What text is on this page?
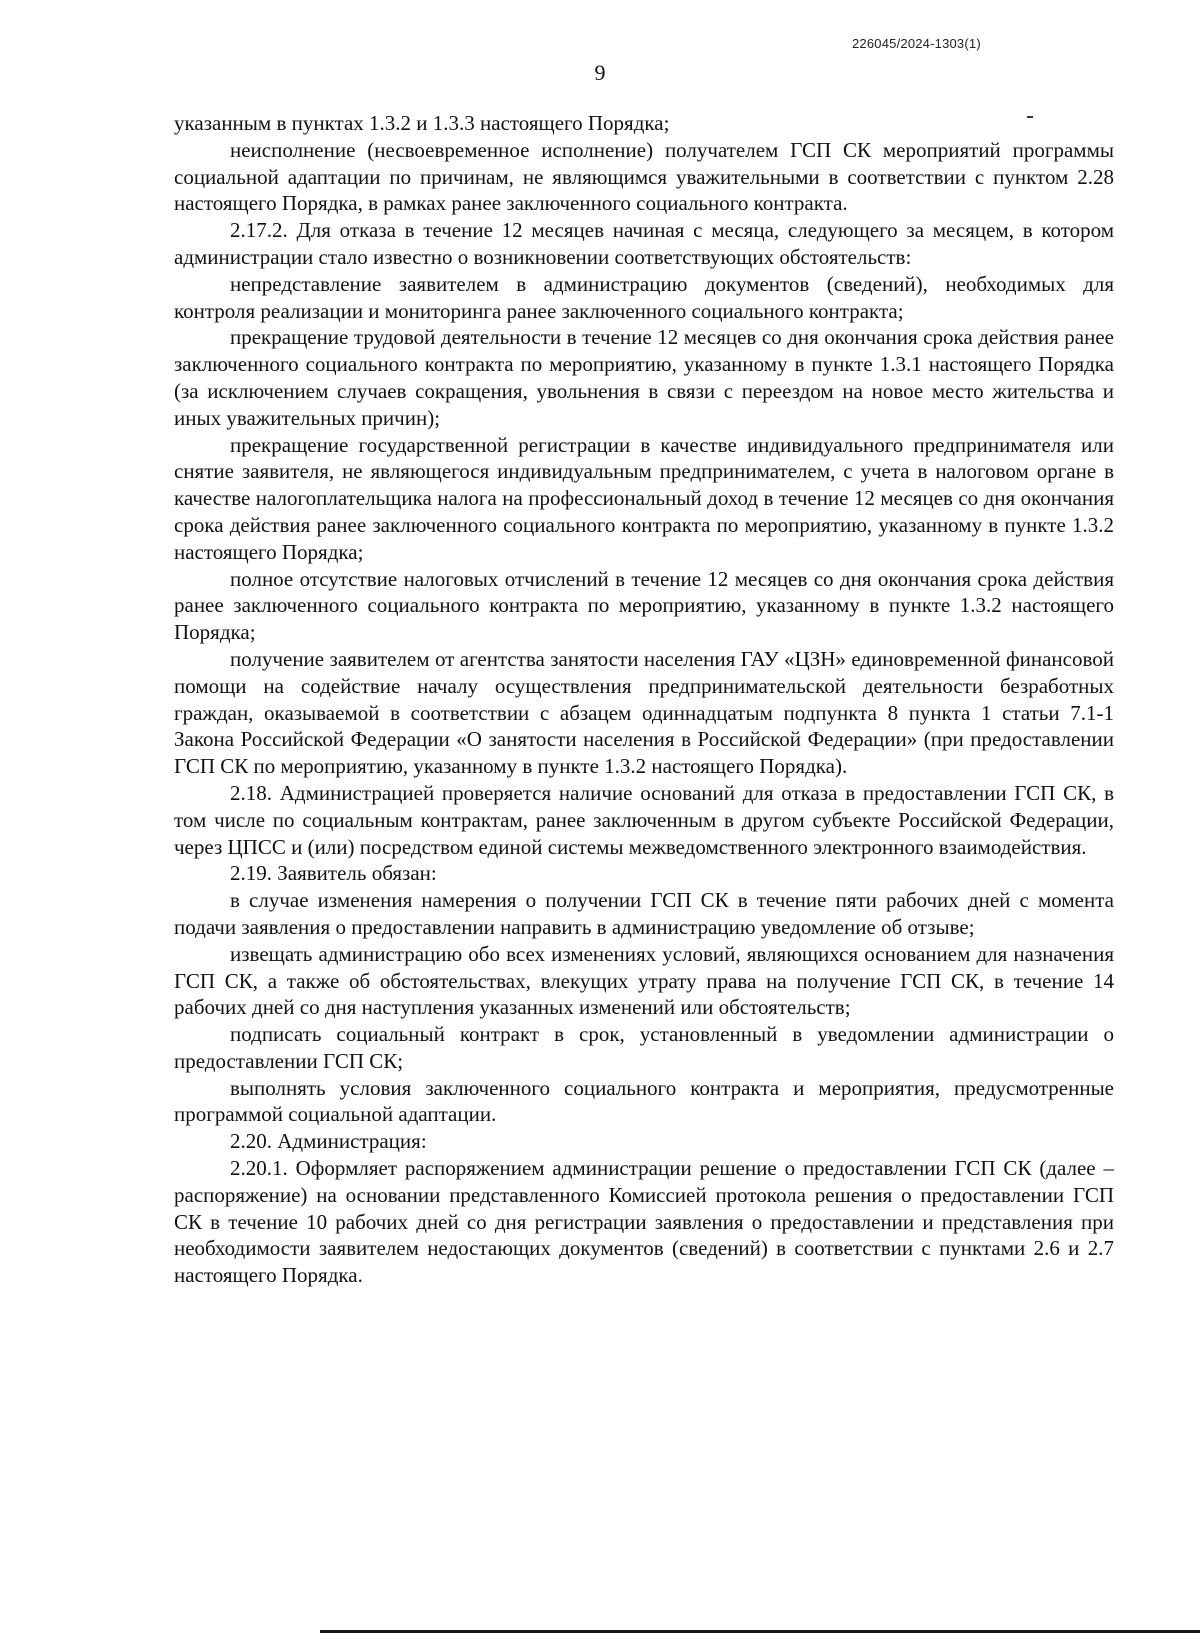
226045/2024-1303(1)
9

указанным в пунктах 1.3.2 и 1.3.3 настоящего Порядка;

неисполнение (несвоевременное исполнение) получателем ГСП СК мероприятий программы социальной адаптации по причинам, не являющимся уважительными в соответствии с пунктом 2.28 настоящего Порядка, в рамках ранее заключенного социального контракта.

2.17.2. Для отказа в течение 12 месяцев начиная с месяца, следующего за месяцем, в котором администрации стало известно о возникновении соответствующих обстоятельств:

непредставление заявителем в администрацию документов (сведений), необходимых для контроля реализации и мониторинга ранее заключенного социального контракта;

прекращение трудовой деятельности в течение 12 месяцев со дня окончания срока действия ранее заключенного социального контракта по мероприятию, указанному в пункте 1.3.1 настоящего Порядка (за исключением случаев сокращения, увольнения в связи с переездом на новое место жительства и иных уважительных причин);

прекращение государственной регистрации в качестве индивидуального предпринимателя или снятие заявителя, не являющегося индивидуальным предпринимателем, с учета в налоговом органе в качестве налогоплательщика налога на профессиональный доход в течение 12 месяцев со дня окончания срока действия ранее заключенного социального контракта по мероприятию, указанному в пункте 1.3.2 настоящего Порядка;

полное отсутствие налоговых отчислений в течение 12 месяцев со дня окончания срока действия ранее заключенного социального контракта по мероприятию, указанному в пункте 1.3.2 настоящего Порядка;

получение заявителем от агентства занятости населения ГАУ «ЦЗН» единовременной финансовой помощи на содействие началу осуществления предпринимательской деятельности безработных граждан, оказываемой в соответствии с абзацем одиннадцатым подпункта 8 пункта 1 статьи 7.1-1 Закона Российской Федерации «О занятости населения в Российской Федерации» (при предоставлении ГСП СК по мероприятию, указанному в пункте 1.3.2 настоящего Порядка).

2.18. Администрацией проверяется наличие оснований для отказа в предоставлении ГСП СК, в том числе по социальным контрактам, ранее заключенным в другом субъекте Российской Федерации, через ЦПСС и (или) посредством единой системы межведомственного электронного взаимодействия.

2.19. Заявитель обязан:

в случае изменения намерения о получении ГСП СК в течение пяти рабочих дней с момента подачи заявления о предоставлении направить в администрацию уведомление об отзыве;

извещать администрацию обо всех изменениях условий, являющихся основанием для назначения ГСП СК, а также об обстоятельствах, влекущих утрату права на получение ГСП СК, в течение 14 рабочих дней со дня наступления указанных изменений или обстоятельств;

подписать социальный контракт в срок, установленный в уведомлении администрации о предоставлении ГСП СК;

выполнять условия заключенного социального контракта и мероприятия, предусмотренные программой социальной адаптации.

2.20. Администрация:

2.20.1. Оформляет распоряжением администрации решение о предоставлении ГСП СК (далее – распоряжение) на основании представленного Комиссией протокола решения о предоставлении ГСП СК в течение 10 рабочих дней со дня регистрации заявления о предоставлении и представления при необходимости заявителем недостающих документов (сведений) в соответствии с пунктами 2.6 и 2.7 настоящего Порядка.
